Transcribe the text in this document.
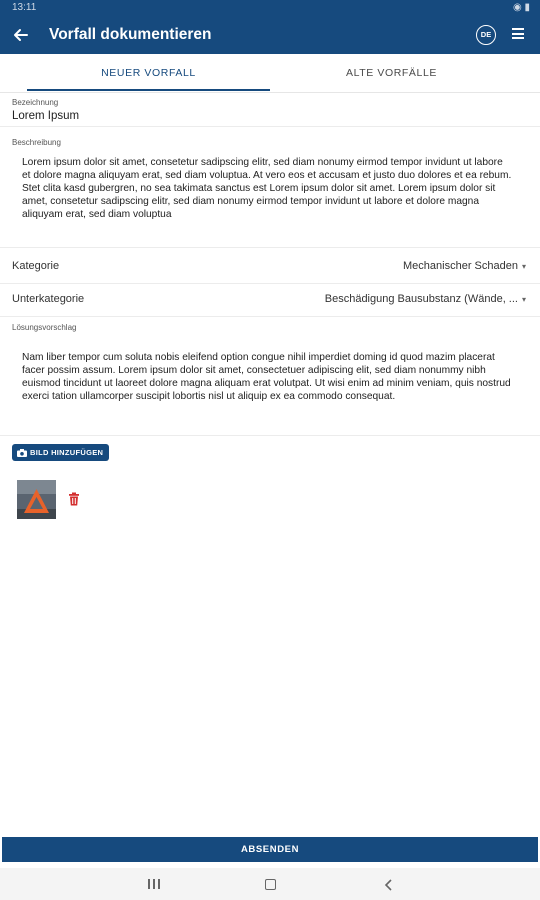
13:11	◉ ▮
Vorfall dokumentieren	DE
NEUER VORFALL	ALTE VORFÄLLE
Bezeichnung
Lorem Ipsum
Beschreibung
Lorem ipsum dolor sit amet, consetetur sadipscing elitr, sed diam nonumy eirmod tempor invidunt ut labore et dolore magna aliquyam erat, sed diam voluptua. At vero eos et accusam et justo duo dolores et ea rebum. Stet clita kasd gubergren, no sea takimata sanctus est Lorem ipsum dolor sit amet. Lorem ipsum dolor sit amet, consetetur sadipscing elitr, sed diam nonumy eirmod tempor invidunt ut labore et dolore magna aliquyam erat, sed diam voluptua
Kategorie	Mechanischer Schaden ▾
Unterkategorie	Beschädigung Bausubstanz (Wände, ... ▾
Lösungsvorschlag
Nam liber tempor cum soluta nobis eleifend option congue nihil imperdiet doming id quod mazim placerat facer possim assum. Lorem ipsum dolor sit amet, consectetuer adipiscing elit, sed diam nonummy nibh euismod tincidunt ut laoreet dolore magna aliquam erat volutpat. Ut wisi enim ad minim veniam, quis nostrud exerci tation ullamcorper suscipit lobortis nisl ut aliquip ex ea commodo consequat.
BILD HINZUFÜGEN
ABSENDEN
